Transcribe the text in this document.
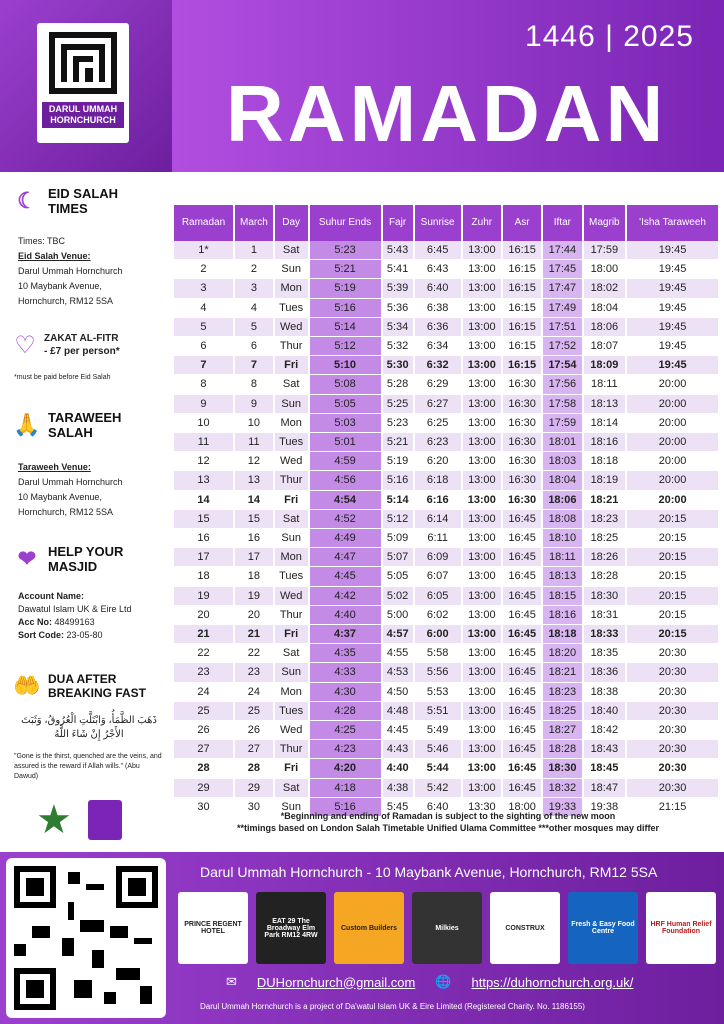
DARUL UMMAH
HORNCHURCH
1446 | 2025
RAMADAN
☾ EID SALAH
TIMES
Times: TBC
Eid Salah Venue:
Darul Ummah Hornchurch
10 Maybank Avenue,
Hornchurch, RM12 5SA
♡ ZAKAT AL-FITR
- £7 per person*
*must be paid before Eid Salah
🙏 TARAWEEH
SALAH
Taraweeh Venue:
Darul Ummah Hornchurch
10 Maybank Avenue,
Hornchurch, RM12 5SA
❤ HELP YOUR
MASJID
Account Name:
Dawatul Islam UK & Eire Ltd
Acc No: 48499163
Sort Code: 23-05-80
🤲 DUA AFTER
BREAKING FAST
ذَهَبَ الظَّمَأُ، وَابْتَلَّتِ الْعُرُوقُ، وَثَبَتَ الأَجْرُ إِنْ شَاءَ اللَّهُ
"Gone is the thirst, quenched are the veins, and assured is the reward if Allah wills." (Abu Dawud)
★
Ramadan	March	Day	Suhur Ends	Fajr	Sunrise	Zuhr	Asr	Iftar	Magrib	'Isha Taraweeh
1*	1	Sat	5:23	5:43	6:45	13:00	16:15	17:44	17:59	19:45
2	2	Sun	5:21	5:41	6:43	13:00	16:15	17:45	18:00	19:45
3	3	Mon	5:19	5:39	6:40	13:00	16:15	17:47	18:02	19:45
4	4	Tues	5:16	5:36	6:38	13:00	16:15	17:49	18:04	19:45
5	5	Wed	5:14	5:34	6:36	13:00	16:15	17:51	18:06	19:45
6	6	Thur	5:12	5:32	6:34	13:00	16:15	17:52	18:07	19:45
7	7	Fri	5:10	5:30	6:32	13:00	16:15	17:54	18:09	19:45
8	8	Sat	5:08	5:28	6:29	13:00	16:30	17:56	18:11	20:00
9	9	Sun	5:05	5:25	6:27	13:00	16:30	17:58	18:13	20:00
10	10	Mon	5:03	5:23	6:25	13:00	16:30	17:59	18:14	20:00
11	11	Tues	5:01	5:21	6:23	13:00	16:30	18:01	18:16	20:00
12	12	Wed	4:59	5:19	6:20	13:00	16:30	18:03	18:18	20:00
13	13	Thur	4:56	5:16	6:18	13:00	16:30	18:04	18:19	20:00
14	14	Fri	4:54	5:14	6:16	13:00	16:30	18:06	18:21	20:00
15	15	Sat	4:52	5:12	6:14	13:00	16:45	18:08	18:23	20:15
16	16	Sun	4:49	5:09	6:11	13:00	16:45	18:10	18:25	20:15
17	17	Mon	4:47	5:07	6:09	13:00	16:45	18:11	18:26	20:15
18	18	Tues	4:45	5:05	6:07	13:00	16:45	18:13	18:28	20:15
19	19	Wed	4:42	5:02	6:05	13:00	16:45	18:15	18:30	20:15
20	20	Thur	4:40	5:00	6:02	13:00	16:45	18:16	18:31	20:15
21	21	Fri	4:37	4:57	6:00	13:00	16:45	18:18	18:33	20:15
22	22	Sat	4:35	4:55	5:58	13:00	16:45	18:20	18:35	20:30
23	23	Sun	4:33	4:53	5:56	13:00	16:45	18:21	18:36	20:30
24	24	Mon	4:30	4:50	5:53	13:00	16:45	18:23	18:38	20:30
25	25	Tues	4:28	4:48	5:51	13:00	16:45	18:25	18:40	20:30
26	26	Wed	4:25	4:45	5:49	13:00	16:45	18:27	18:42	20:30
27	27	Thur	4:23	4:43	5:46	13:00	16:45	18:28	18:43	20:30
28	28	Fri	4:20	4:40	5:44	13:00	16:45	18:30	18:45	20:30
29	29	Sat	4:18	4:38	5:42	13:00	16:45	18:32	18:47	20:30
30	30	Sun	5:16	5:45	6:40	13:30	18:00	19:33	19:38	21:15
*Beginning and ending of Ramadan is subject to the sighting of the new moon
**timings based on London Salah Timetable Unified Ulama Committee ***other mosques may differ
Darul Ummah Hornchurch - 10 Maybank Avenue, Hornchurch, RM12 5SA
PRINCE REGENT HOTEL
EAT 29 The Broadway Elm Park RM12 4RW
Custom Builders	Milkies	CONSTRUX	Fresh & Easy Food Centre
HRF Human Relief Foundation
✉ DUHornchurch@gmail.com 🌐 https://duhornchurch.org.uk/
Darul Ummah Hornchurch is a project of Da'watul Islam UK & Eire Limited (Registered Charity. No. 1186155)
